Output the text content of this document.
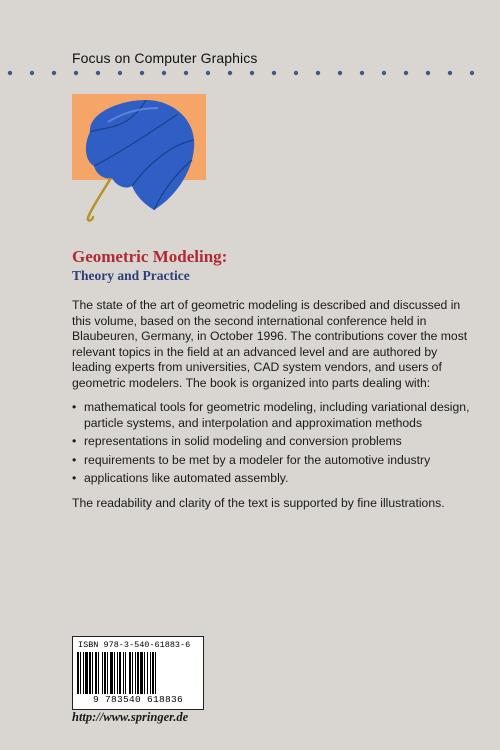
Focus on Computer Graphics
Geometric Modeling:
Theory and Practice

The state of the art of geometric modeling is described and discussed in this volume, based on the second international conference held in Blaubeuren, Germany, in October 1996. The contributions cover the most relevant topics in the field at an advanced level and are authored by leading experts from universities, CAD system vendors, and users of geometric modelers. The book is organized into parts dealing with:

• mathematical tools for geometric modeling, including variational design, particle systems, and interpolation and approximation methods
• representations in solid modeling and conversion problems
• requirements to be met by a modeler for the automotive industry
• applications like automated assembly.

The readability and clarity of the text is supported by fine illustrations.

ISBN 978-3-540-61883-6
9 783540 618836
http://www.springer.de
